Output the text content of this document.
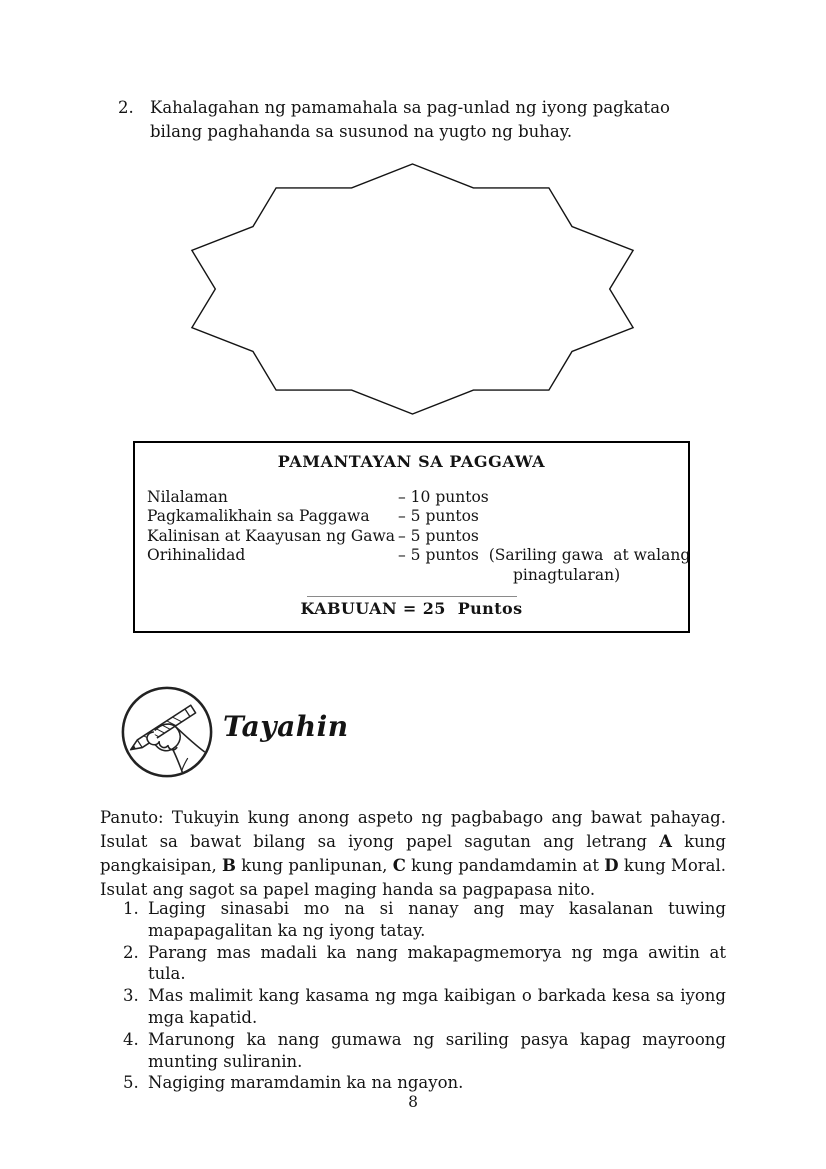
2. Kahalagahan ng pamamahala sa pag-unlad ng iyong pagkatao bilang paghahanda sa susunod na yugto ng buhay.
PAMANTAYAN SA PAGGAWA
Nilalaman	– 10 puntos
Pagkamalikhain sa Paggawa	– 5 puntos
Kalinisan at Kaayusan ng Gawa – 5 puntos
Orihinalidad	– 5 puntos  (Sariling gawa  at walang
pinagtularan)
KABUUAN = 25  Puntos
Tayahin

Panuto: Tukuyin kung anong aspeto ng pagbabago ang bawat pahayag. Isulat sa bawat bilang sa iyong papel sagutan ang letrang A kung pangkaisipan, B kung panlipunan, C kung pandamdamin at D kung Moral. Isulat ang sagot sa papel maging handa sa pagpapasa nito.

1. Laging sinasabi mo na si nanay ang may kasalanan tuwing mapapagalitan ka ng iyong tatay.
2. Parang mas madali ka nang makapagmemorya ng mga awitin at tula.
3. Mas malimit kang kasama ng mga kaibigan o barkada kesa sa iyong mga kapatid.
4. Marunong ka nang gumawa ng sariling pasya kapag mayroong munting suliranin.
5. Nagiging maramdamin ka na ngayon.
8
